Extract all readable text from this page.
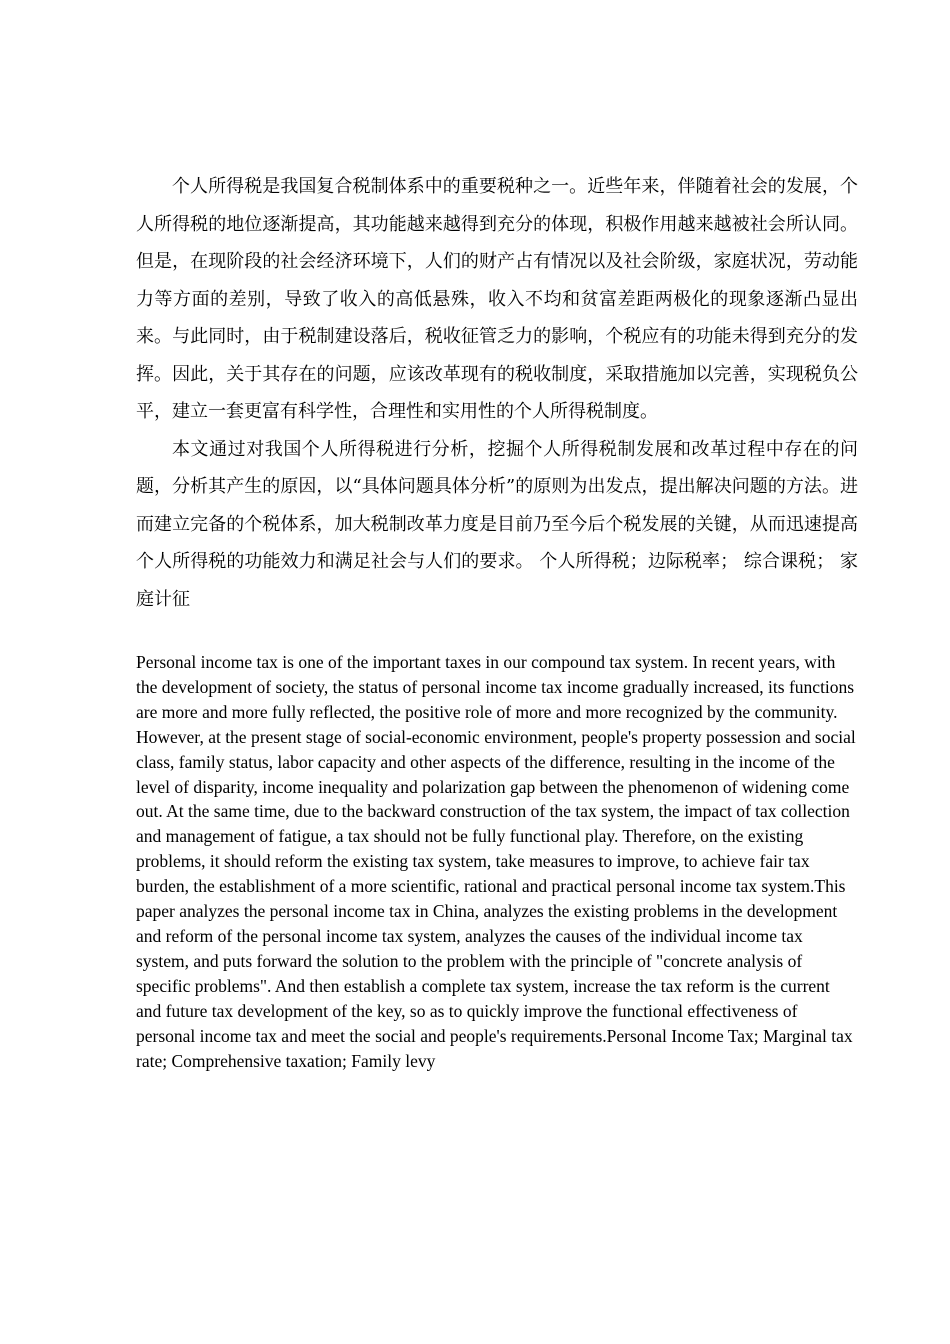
个人所得税是我国复合税制体系中的重要税种之一。近些年来，伴随着社会的发展，个人所得税的地位逐渐提高，其功能越来越得到充分的体现，积极作用越来越被社会所认同。但是，在现阶段的社会经济环境下，人们的财产占有情况以及社会阶级，家庭状况，劳动能力等方面的差别，导致了收入的高低悬殊，收入不均和贫富差距两极化的现象逐渐凸显出来。与此同时，由于税制建设落后，税收征管乏力的影响，个税应有的功能未得到充分的发挥。因此，关于其存在的问题，应该改革现有的税收制度，采取措施加以完善，实现税负公平，建立一套更富有科学性，合理性和实用性的个人所得税制度。

本文通过对我国个人所得税进行分析，挖掘个人所得税制发展和改革过程中存在的问题，分析其产生的原因，以“具体问题具体分析”的原则为出发点，提出解决问题的方法。进而建立完备的个税体系，加大税制改革力度是目前乃至今后个税发展的关键，从而迅速提高个人所得税的功能效力和满足社会与人们的要求。 个人所得税；边际税率； 综合课税； 家庭计征

Personal income tax is one of the important taxes in our compound tax system. In recent years, with the development of society, the status of personal income tax income gradually increased, its functions are more and more fully reflected, the positive role of more and more recognized by the community. However, at the present stage of social-economic environment, people's property possession and social class, family status, labor capacity and other aspects of the difference, resulting in the income of the level of disparity, income inequality and polarization gap between the phenomenon of widening come out. At the same time, due to the backward construction of the tax system, the impact of tax collection and management of fatigue, a tax should not be fully functional play. Therefore, on the existing problems, it should reform the existing tax system, take measures to improve, to achieve fair tax burden, the establishment of a more scientific, rational and practical personal income tax system.This paper analyzes the personal income tax in China, analyzes the existing problems in the development and reform of the personal income tax system, analyzes the causes of the individual income tax system, and puts forward the solution to the problem with the principle of "concrete analysis of specific problems". And then establish a complete tax system, increase the tax reform is the current and future tax development of the key, so as to quickly improve the functional effectiveness of personal income tax and meet the social and people's requirements.Personal Income Tax; Marginal tax rate; Comprehensive taxation; Family levy
